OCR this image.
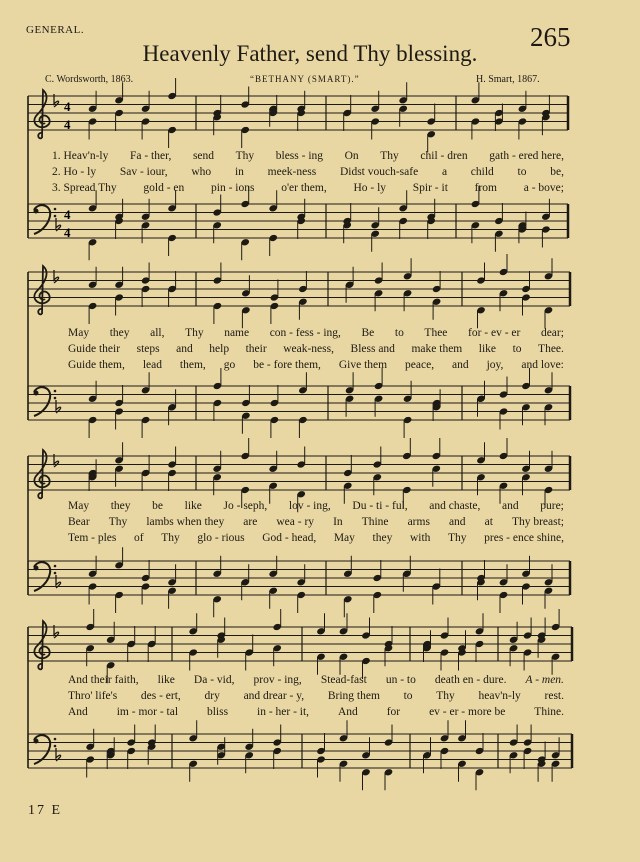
4
4
4
4
GENERAL.	265
Heavenly Father, send Thy blessing.
C. Wordsworth, 1863.	“BETHANY (SMART).”	H. Smart, 1867.
1. Heav'n-ly Fa - ther, send Thy bless - ing On Thy chil - dren gath - ered here,
2. Ho - ly Sav - iour, who in meek-ness Didst vouch-safe a child to be,
3. Spread Thy gold - en pin - ions o'er them, Ho - ly Spir - it from a - bove;
May they all, Thy name con - fess - ing, Be to Thee for - ev - er dear;
Guide their steps and help their weak-ness, Bless and make them like to Thee.
Guide them, lead them, go be - fore them, Give them peace, and joy, and love:
May they be like Jo - seph, lov - ing, Du - ti - ful, and chaste, and pure;
Bear Thy lambs when they are wea - ry In Thine arms and at Thy breast;
Tem - ples of Thy glo - rious God - head, May they with Thy pres - ence shine,
And their faith, like Da - vid, prov - ing, Stead-fast un - to death en - dure. A - men.
Thro' life's des - ert, dry and drear - y, Bring them to Thy heav'n-ly rest.
And	im - mor - tal	bliss	in - her - it,	And	for	ev - er - more be	Thine.
17 E
